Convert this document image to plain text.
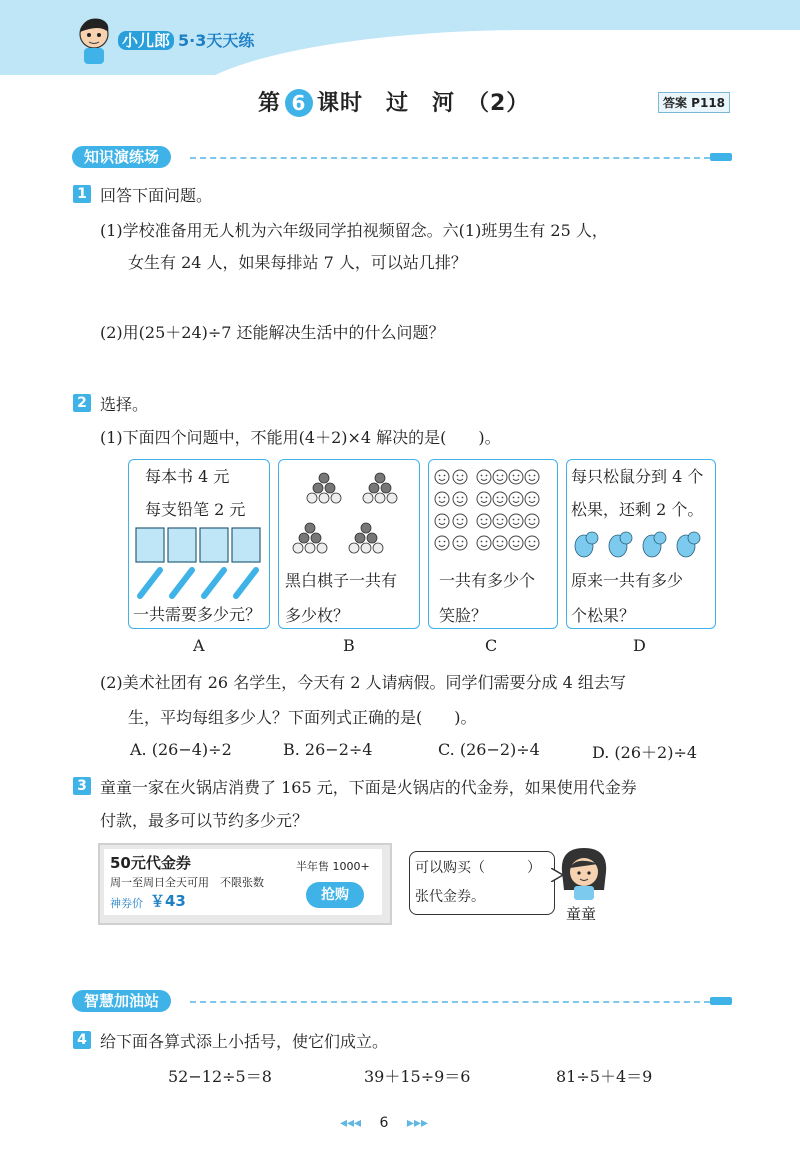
小儿郎 5·3天天练
第 6 课时　过　河　（2）	答案 P118
知识演练场
1 回答下面问题。
(1)学校准备用无人机为六年级同学拍视频留念。六(1)班男生有 25 人，
女生有 24 人，如果每排站 7 人，可以站几排？
(2)用(25＋24)÷7 还能解决生活中的什么问题？
2 选择。
(1)下面四个问题中，不能用(4＋2)×4 解决的是(　　)。
每本书 4 元
每支铅笔 2 元
一共需要多少元？
A
黑白棋子一共有
多少枚？
B
一共有多少个
笑脸？
C
每只松鼠分到 4 个
松果，还剩 2 个。
原来一共有多少
个松果？
D
(2)美术社团有 26 名学生，今天有 2 人请病假。同学们需要分成 4 组去写
生，平均每组多少人？下面列式正确的是(　　)。
A. (26−4)÷2	B. 26−2÷4	C. (26−2)÷4	D. (26＋2)÷4
3 童童一家在火锅店消费了 165 元，下面是火锅店的代金券，如果使用代金券
付款，最多可以节约多少元？
50元代金券	半年售 1000+
周一至周日全天可用　不限张数
神券价 ￥43	抢购
可以购买（　　　）
张代金券。
童童
智慧加油站
4 给下面各算式添上小括号，使它们成立。
52−12÷5＝8	39＋15÷9＝6	81÷5＋4＝9
◂◂◂ 6 ▸▸▸
